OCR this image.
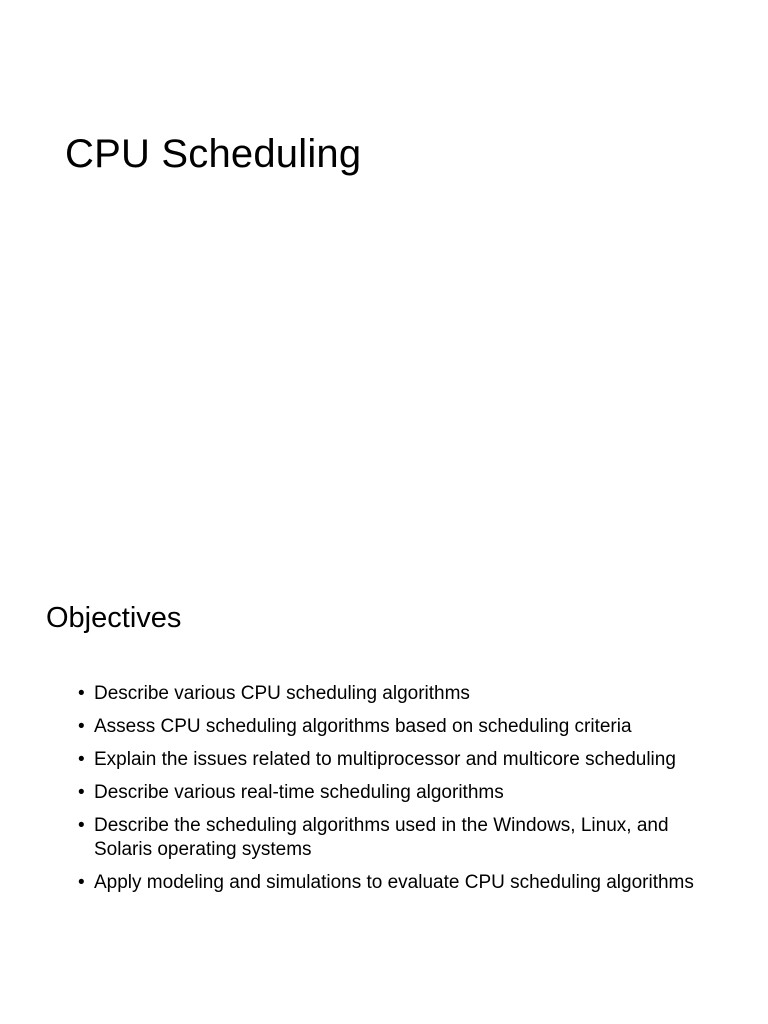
CPU Scheduling
Objectives
• Describe various CPU scheduling algorithms
• Assess CPU scheduling algorithms based on scheduling criteria
• Explain the issues related to multiprocessor and multicore scheduling
• Describe various real-time scheduling algorithms
• Describe the scheduling algorithms used in the Windows, Linux, and Solaris operating systems
• Apply modeling and simulations to evaluate CPU scheduling algorithms
